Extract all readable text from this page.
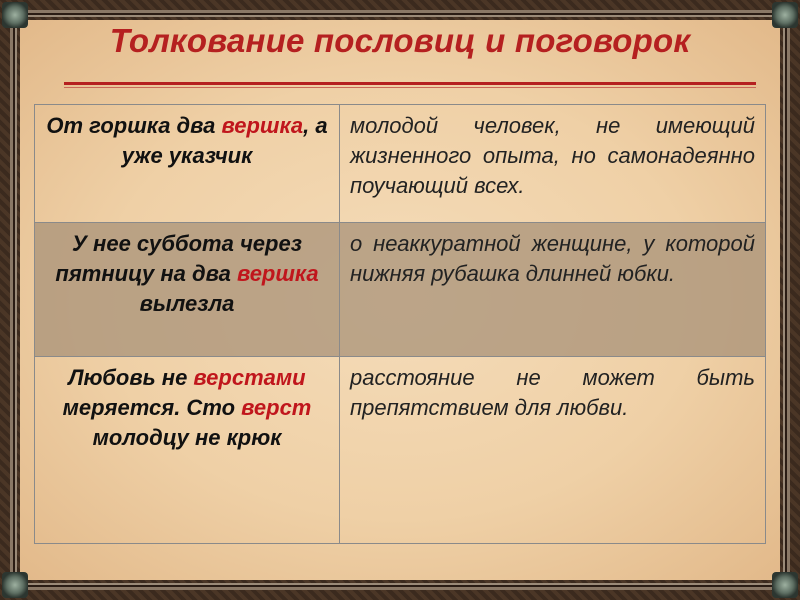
Толкование пословиц и поговорок
От горшка два вершка, а уже указчик	молодой человек, не имеющий жизненного опыта, но самонадеянно поучающий всех.
У нее суббота через пятницу на два вершка вылезла	о неаккуратной женщине, у которой нижняя рубашка длинней юбки.
Любовь не верстами меряется. Сто верст молодцу не крюк	расстояние не может быть препятствием для любви.
